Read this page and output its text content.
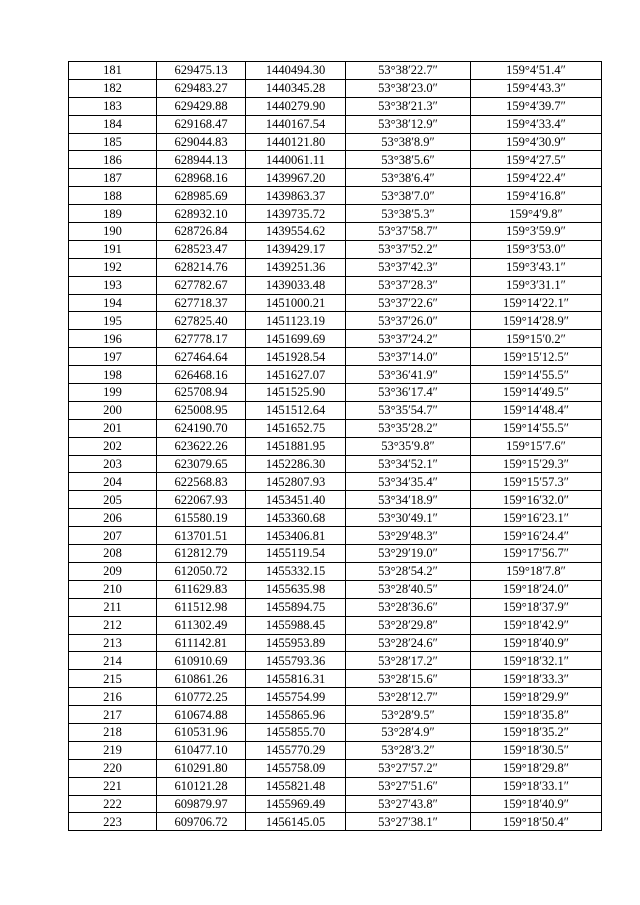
181	629475.13	1440494.30	53°38′22.7″	159°4′51.4″
182	629483.27	1440345.28	53°38′23.0″	159°4′43.3″
183	629429.88	1440279.90	53°38′21.3″	159°4′39.7″
184	629168.47	1440167.54	53°38′12.9″	159°4′33.4″
185	629044.83	1440121.80	53°38′8.9″	159°4′30.9″
186	628944.13	1440061.11	53°38′5.6″	159°4′27.5″
187	628968.16	1439967.20	53°38′6.4″	159°4′22.4″
188	628985.69	1439863.37	53°38′7.0″	159°4′16.8″
189	628932.10	1439735.72	53°38′5.3″	159°4′9.8″
190	628726.84	1439554.62	53°37′58.7″	159°3′59.9″
191	628523.47	1439429.17	53°37′52.2″	159°3′53.0″
192	628214.76	1439251.36	53°37′42.3″	159°3′43.1″
193	627782.67	1439033.48	53°37′28.3″	159°3′31.1″
194	627718.37	1451000.21	53°37′22.6″	159°14′22.1″
195	627825.40	1451123.19	53°37′26.0″	159°14′28.9″
196	627778.17	1451699.69	53°37′24.2″	159°15′0.2″
197	627464.64	1451928.54	53°37′14.0″	159°15′12.5″
198	626468.16	1451627.07	53°36′41.9″	159°14′55.5″
199	625708.94	1451525.90	53°36′17.4″	159°14′49.5″
200	625008.95	1451512.64	53°35′54.7″	159°14′48.4″
201	624190.70	1451652.75	53°35′28.2″	159°14′55.5″
202	623622.26	1451881.95	53°35′9.8″	159°15′7.6″
203	623079.65	1452286.30	53°34′52.1″	159°15′29.3″
204	622568.83	1452807.93	53°34′35.4″	159°15′57.3″
205	622067.93	1453451.40	53°34′18.9″	159°16′32.0″
206	615580.19	1453360.68	53°30′49.1″	159°16′23.1″
207	613701.51	1453406.81	53°29′48.3″	159°16′24.4″
208	612812.79	1455119.54	53°29′19.0″	159°17′56.7″
209	612050.72	1455332.15	53°28′54.2″	159°18′7.8″
210	611629.83	1455635.98	53°28′40.5″	159°18′24.0″
211	611512.98	1455894.75	53°28′36.6″	159°18′37.9″
212	611302.49	1455988.45	53°28′29.8″	159°18′42.9″
213	611142.81	1455953.89	53°28′24.6″	159°18′40.9″
214	610910.69	1455793.36	53°28′17.2″	159°18′32.1″
215	610861.26	1455816.31	53°28′15.6″	159°18′33.3″
216	610772.25	1455754.99	53°28′12.7″	159°18′29.9″
217	610674.88	1455865.96	53°28′9.5″	159°18′35.8″
218	610531.96	1455855.70	53°28′4.9″	159°18′35.2″
219	610477.10	1455770.29	53°28′3.2″	159°18′30.5″
220	610291.80	1455758.09	53°27′57.2″	159°18′29.8″
221	610121.28	1455821.48	53°27′51.6″	159°18′33.1″
222	609879.97	1455969.49	53°27′43.8″	159°18′40.9″
223	609706.72	1456145.05	53°27′38.1″	159°18′50.4″
